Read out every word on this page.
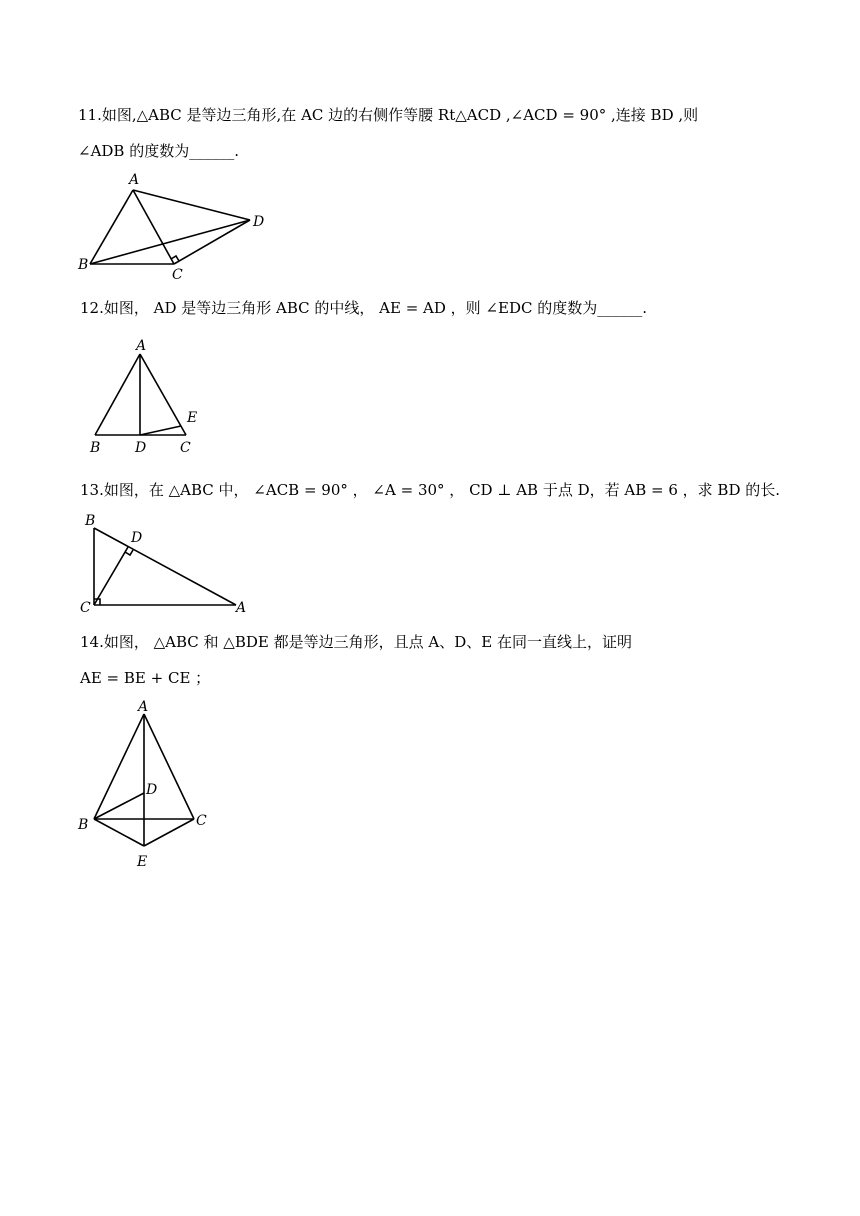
11.如图,△ABC 是等边三角形,在 AC 边的右侧作等腰 Rt△ACD ,∠ACD = 90° ,连接 BD ,则
∠ADB 的度数为______.
A
B
C
D
12.如图， AD 是等边三角形 ABC 的中线， AE = AD ，则 ∠EDC 的度数为______.
A
B D C
E
13.如图，在 △ABC 中， ∠ACB = 90° ， ∠A = 30° ， CD ⊥ AB 于点 D，若 AB = 6 ，求 BD 的长.
B
D
C	A
14.如图， △ABC 和 △BDE 都是等边三角形，且点 A、D、E 在同一直线上，证明
AE = BE + CE ；
A
D
B	C
E
